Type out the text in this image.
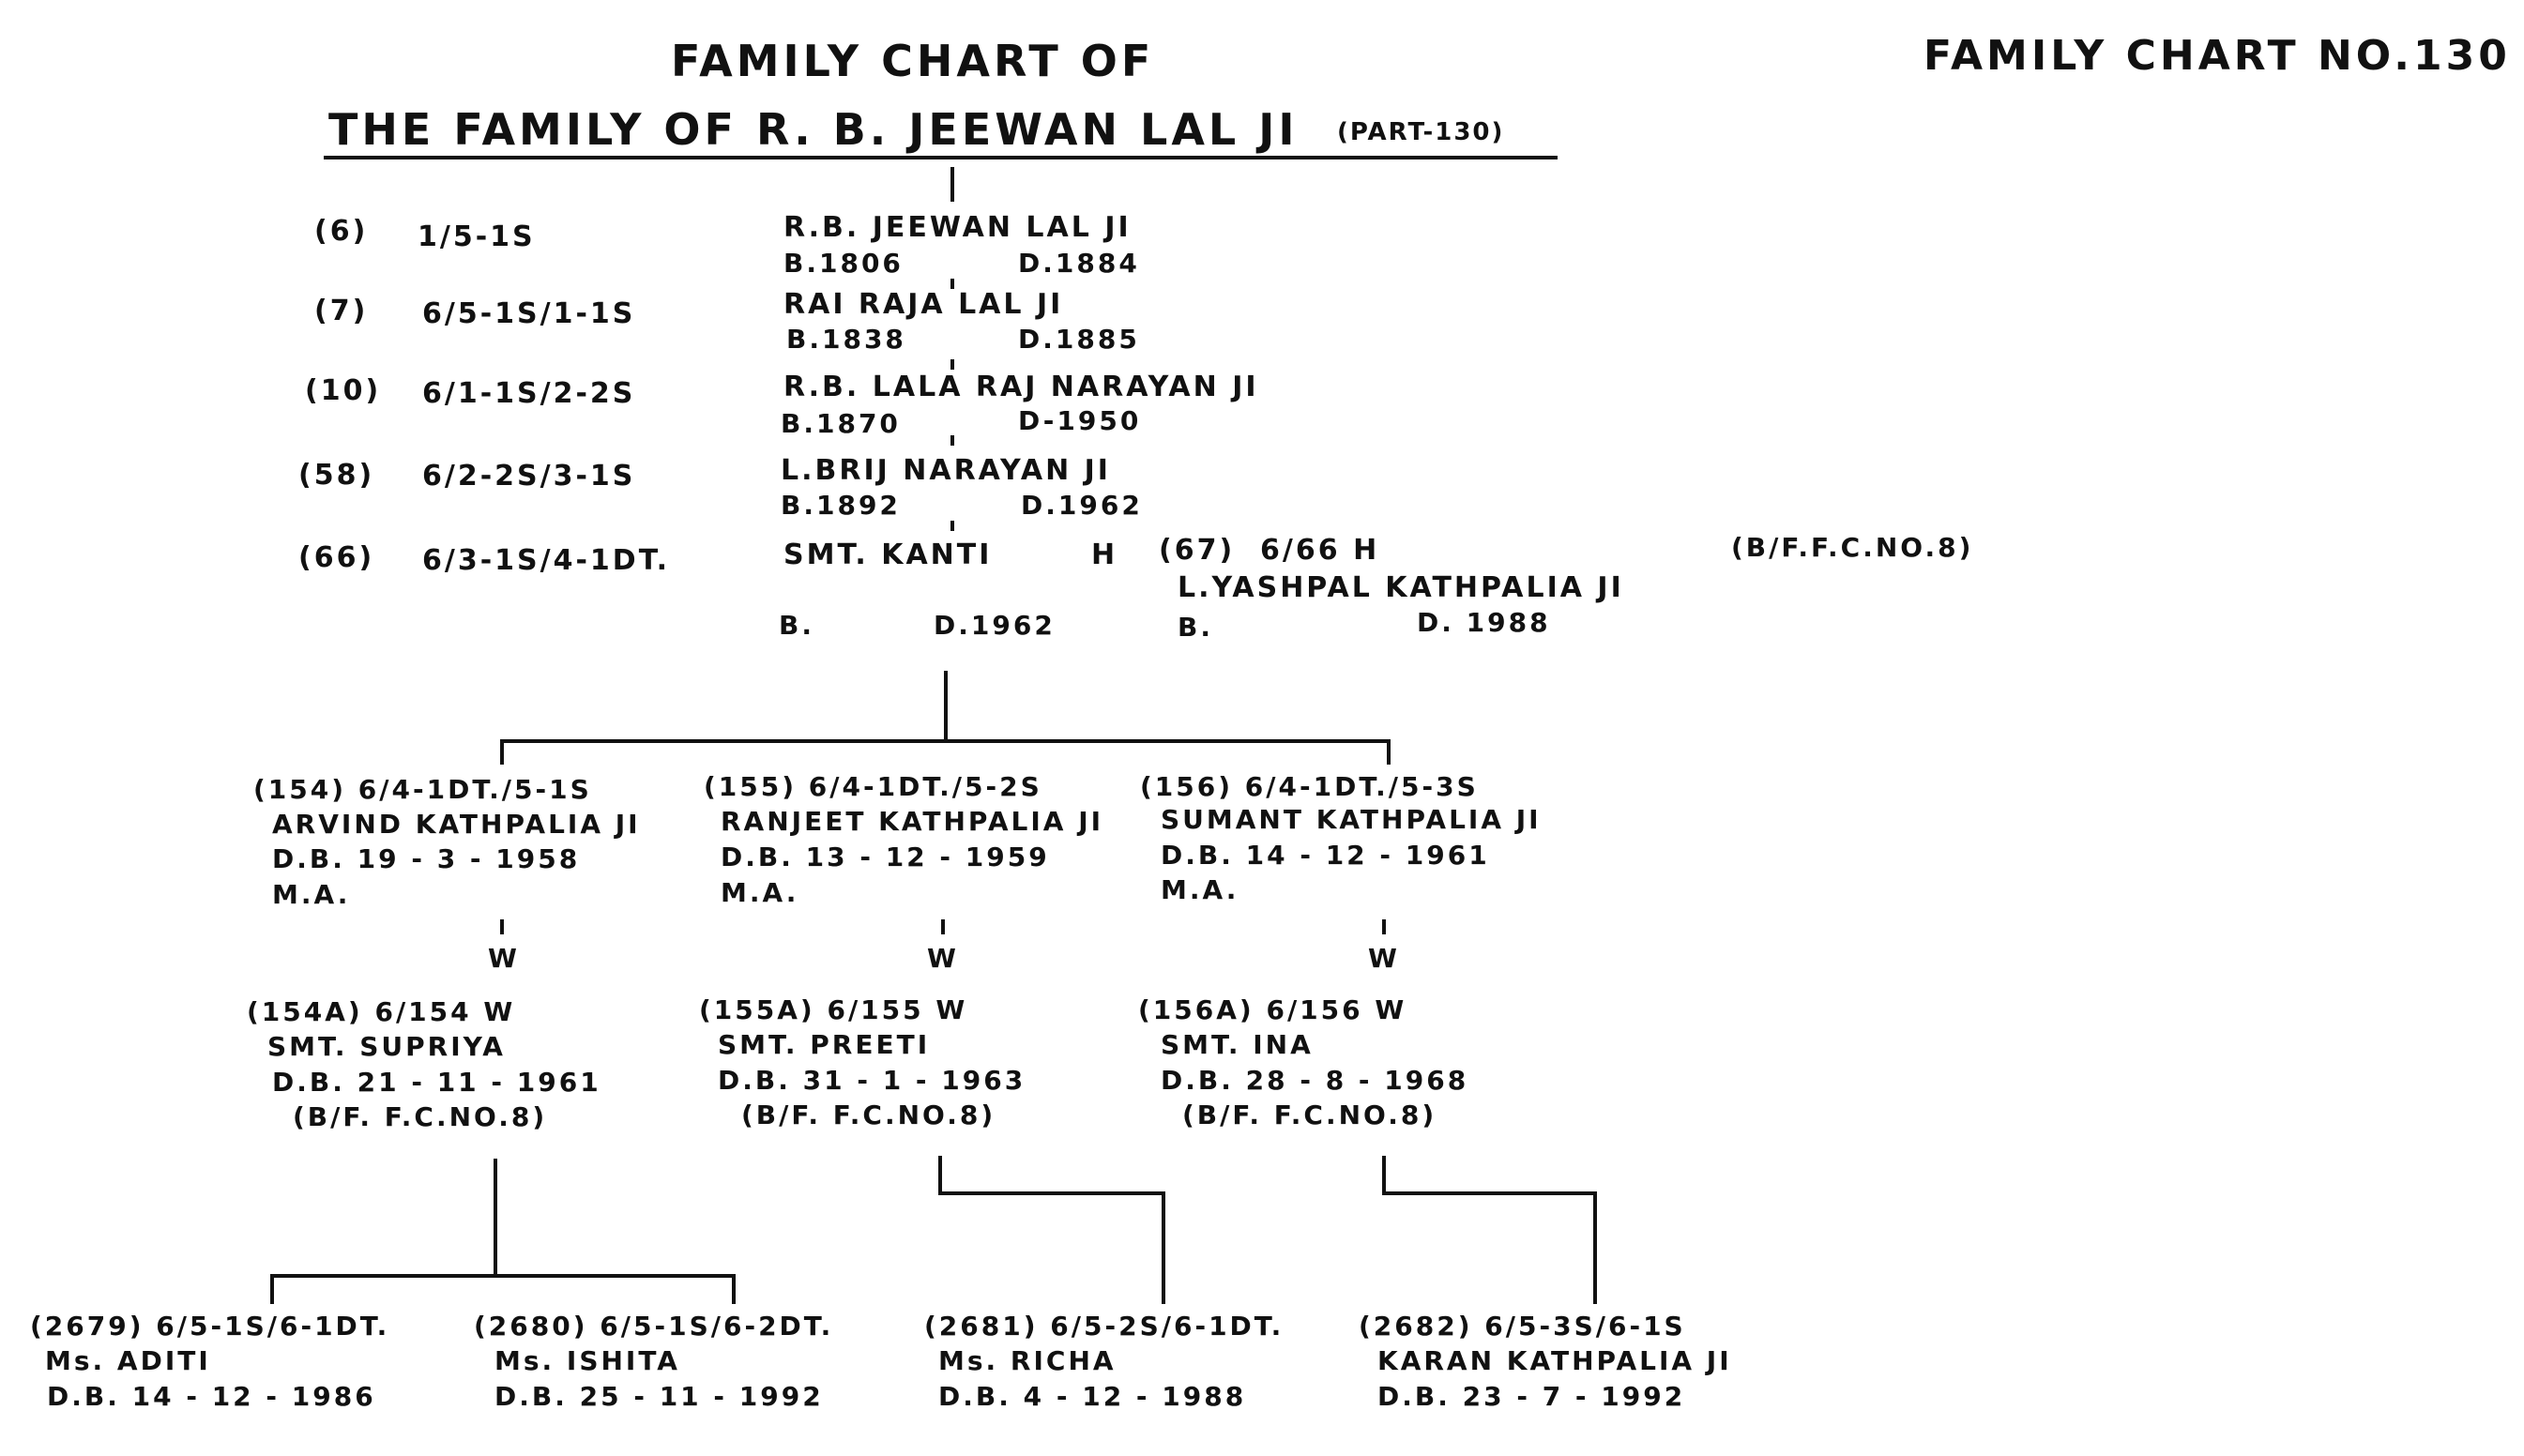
FAMILY CHART OF
THE FAMILY OF R. B. JEEWAN LAL JI (PART-130)
FAMILY CHART NO.130
(6) 1/5-1S	R.B. JEEWAN LAL JI
B.1806	D.1884
(7) 6/5-1S/1-1S	RAI RAJA LAL JI
B.1838	D.1885
(10) 6/1-1S/2-2S	R.B. LALA RAJ NARAYAN JI
B.1870	D-1950
(58) 6/2-2S/3-1S	L.BRIJ NARAYAN JI
B.1892	D.1962
(66) 6/3-1S/4-1DT.	SMT. KANTI	H (67)  6/66 H
L.YASHPAL KATHPALIA JI
B.	D.1962	B.	D. 1988
(B/F.F.C.NO.8)
(154) 6/4-1DT./5-1S
ARVIND KATHPALIA JI
D.B. 19 - 3 - 1958
M.A.
W
(154A) 6/154 W
SMT. SUPRIYA
D.B. 21 - 11 - 1961
(B/F. F.C.NO.8)
(155) 6/4-1DT./5-2S
RANJEET KATHPALIA JI
D.B. 13 - 12 - 1959
M.A.
W
(155A) 6/155 W
SMT. PREETI
D.B. 31 - 1 - 1963
(B/F. F.C.NO.8)
(156) 6/4-1DT./5-3S
SUMANT KATHPALIA JI
D.B. 14 - 12 - 1961
M.A.
W
(156A) 6/156 W
SMT. INA
D.B. 28 - 8 - 1968
(B/F. F.C.NO.8)
(2679) 6/5-1S/6-1DT.
Ms. ADITI
D.B. 14 - 12 - 1986
(2680) 6/5-1S/6-2DT.
Ms. ISHITA
D.B. 25 - 11 - 1992
(2681) 6/5-2S/6-1DT.
Ms. RICHA
D.B. 4 - 12 - 1988
(2682) 6/5-3S/6-1S
KARAN KATHPALIA JI
D.B. 23 - 7 - 1992
